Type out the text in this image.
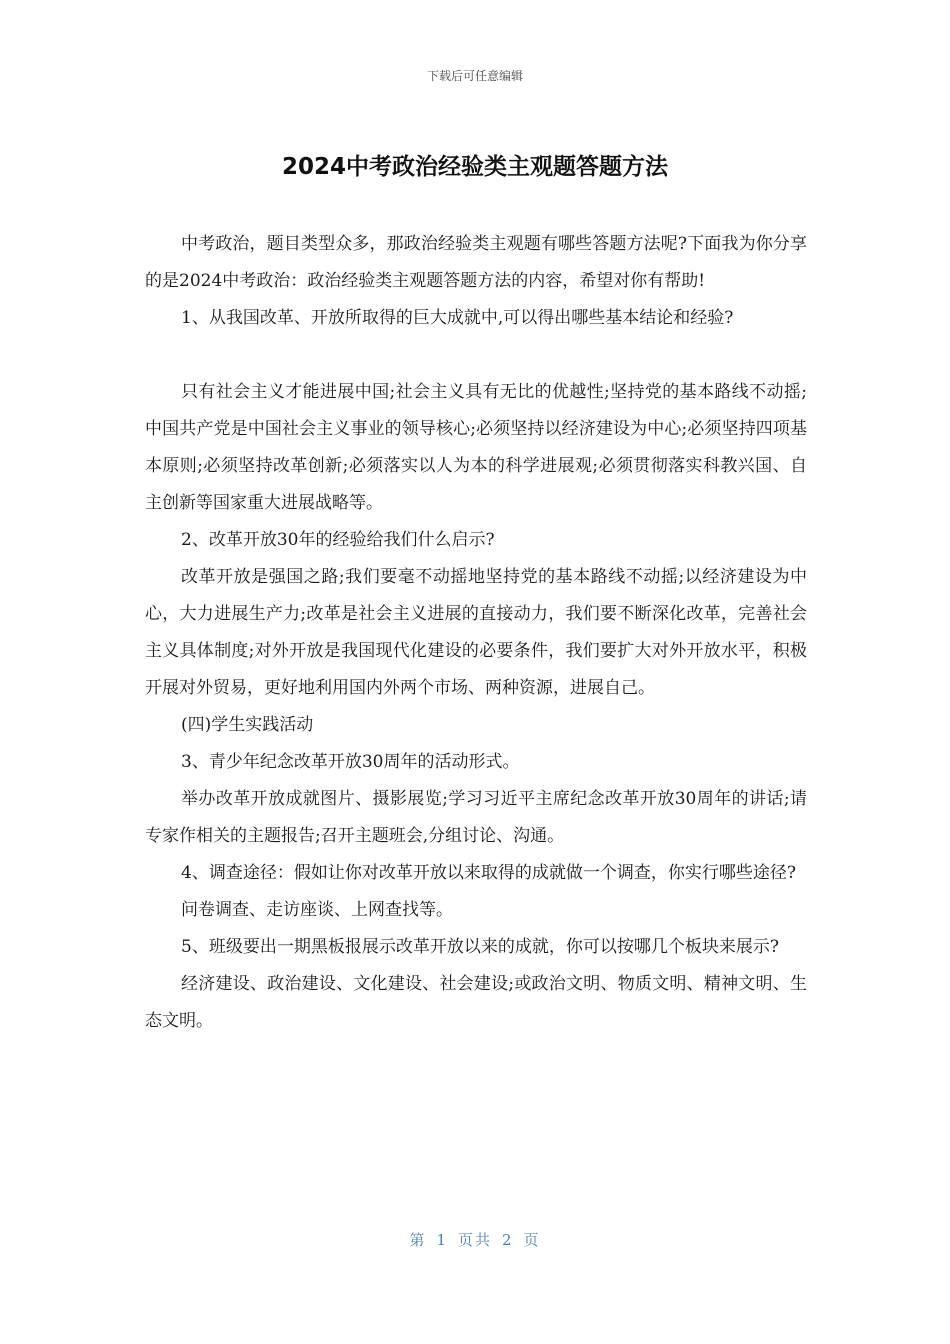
下载后可任意编辑
2024中考政治经验类主观题答题方法

中考政治，题目类型众多，那政治经验类主观题有哪些答题方法呢?下面我为你分享的是2024中考政治：政治经验类主观题答题方法的内容，希望对你有帮助!

1、从我国改革、开放所取得的巨大成就中,可以得出哪些基本结论和经验?

只有社会主义才能进展中国;社会主义具有无比的优越性;坚持党的基本路线不动摇;中国共产党是中国社会主义事业的领导核心;必须坚持以经济建设为中心;必须坚持四项基本原则;必须坚持改革创新;必须落实以人为本的科学进展观;必须贯彻落实科教兴国、自主创新等国家重大进展战略等。

2、改革开放30年的经验给我们什么启示?

改革开放是强国之路;我们要毫不动摇地坚持党的基本路线不动摇;以经济建设为中心，大力进展生产力;改革是社会主义进展的直接动力，我们要不断深化改革，完善社会主义具体制度;对外开放是我国现代化建设的必要条件，我们要扩大对外开放水平，积极开展对外贸易，更好地利用国内外两个市场、两种资源，进展自己。

(四)学生实践活动

3、青少年纪念改革开放30周年的活动形式。

举办改革开放成就图片、摄影展览;学习习近平主席纪念改革开放30周年的讲话;请专家作相关的主题报告;召开主题班会,分组讨论、沟通。

4、调查途径：假如让你对改革开放以来取得的成就做一个调查，你实行哪些途径?

问卷调查、走访座谈、上网查找等。

5、班级要出一期黑板报展示改革开放以来的成就，你可以按哪几个板块来展示?

经济建设、政治建设、文化建设、社会建设;或政治文明、物质文明、精神文明、生态文明。

第 1 页共 2 页
